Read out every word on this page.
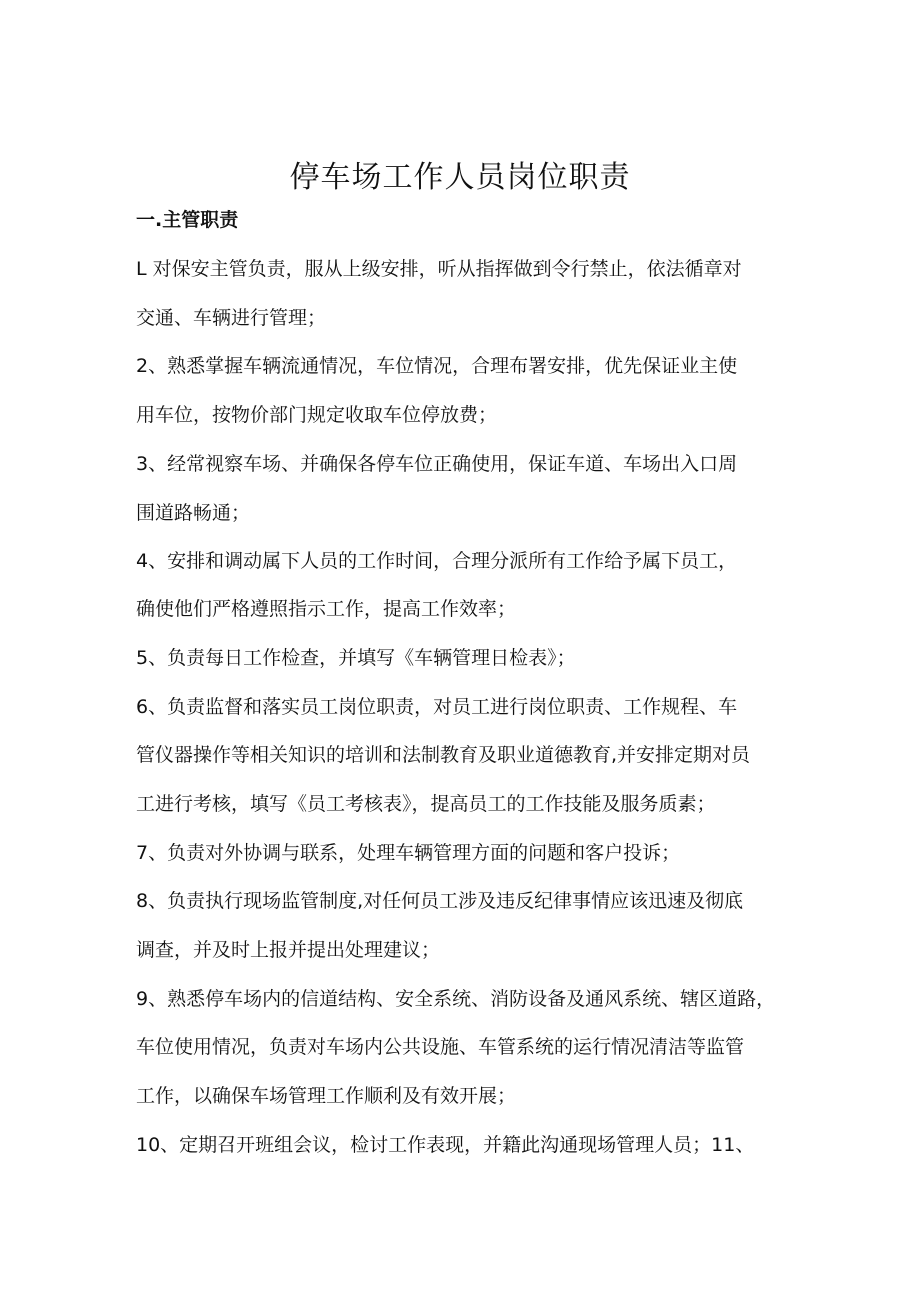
停车场工作人员岗位职责
一.主管职责
L 对保安主管负责，服从上级安排，听从指挥做到令行禁止，依法循章对
交通、车辆进行管理；
2、熟悉掌握车辆流通情况，车位情况，合理布署安排，优先保证业主使
用车位，按物价部门规定收取车位停放费；
3、经常视察车场、并确保各停车位正确使用，保证车道、车场出入口周
围道路畅通；
4、安排和调动属下人员的工作时间，合理分派所有工作给予属下员工，
确使他们严格遵照指示工作，提高工作效率；
5、负责每日工作检查，并填写《车辆管理日检表》；
6、负责监督和落实员工岗位职责，对员工进行岗位职责、工作规程、车
管仪器操作等相关知识的培训和法制教育及职业道德教育,并安排定期对员
工进行考核，填写《员工考核表》，提高员工的工作技能及服务质素；
7、负责对外协调与联系，处理车辆管理方面的问题和客户投诉；
8、负责执行现场监管制度,对任何员工涉及违反纪律事情应该迅速及彻底
调查，并及时上报并提出处理建议；
9、熟悉停车场内的信道结构、安全系统、消防设备及通风系统、辖区道路，
车位使用情况，负责对车场内公共设施、车管系统的运行情况清洁等监管
工作，以确保车场管理工作顺利及有效开展；
10、定期召开班组会议，检讨工作表现，并籍此沟通现场管理人员；11、
